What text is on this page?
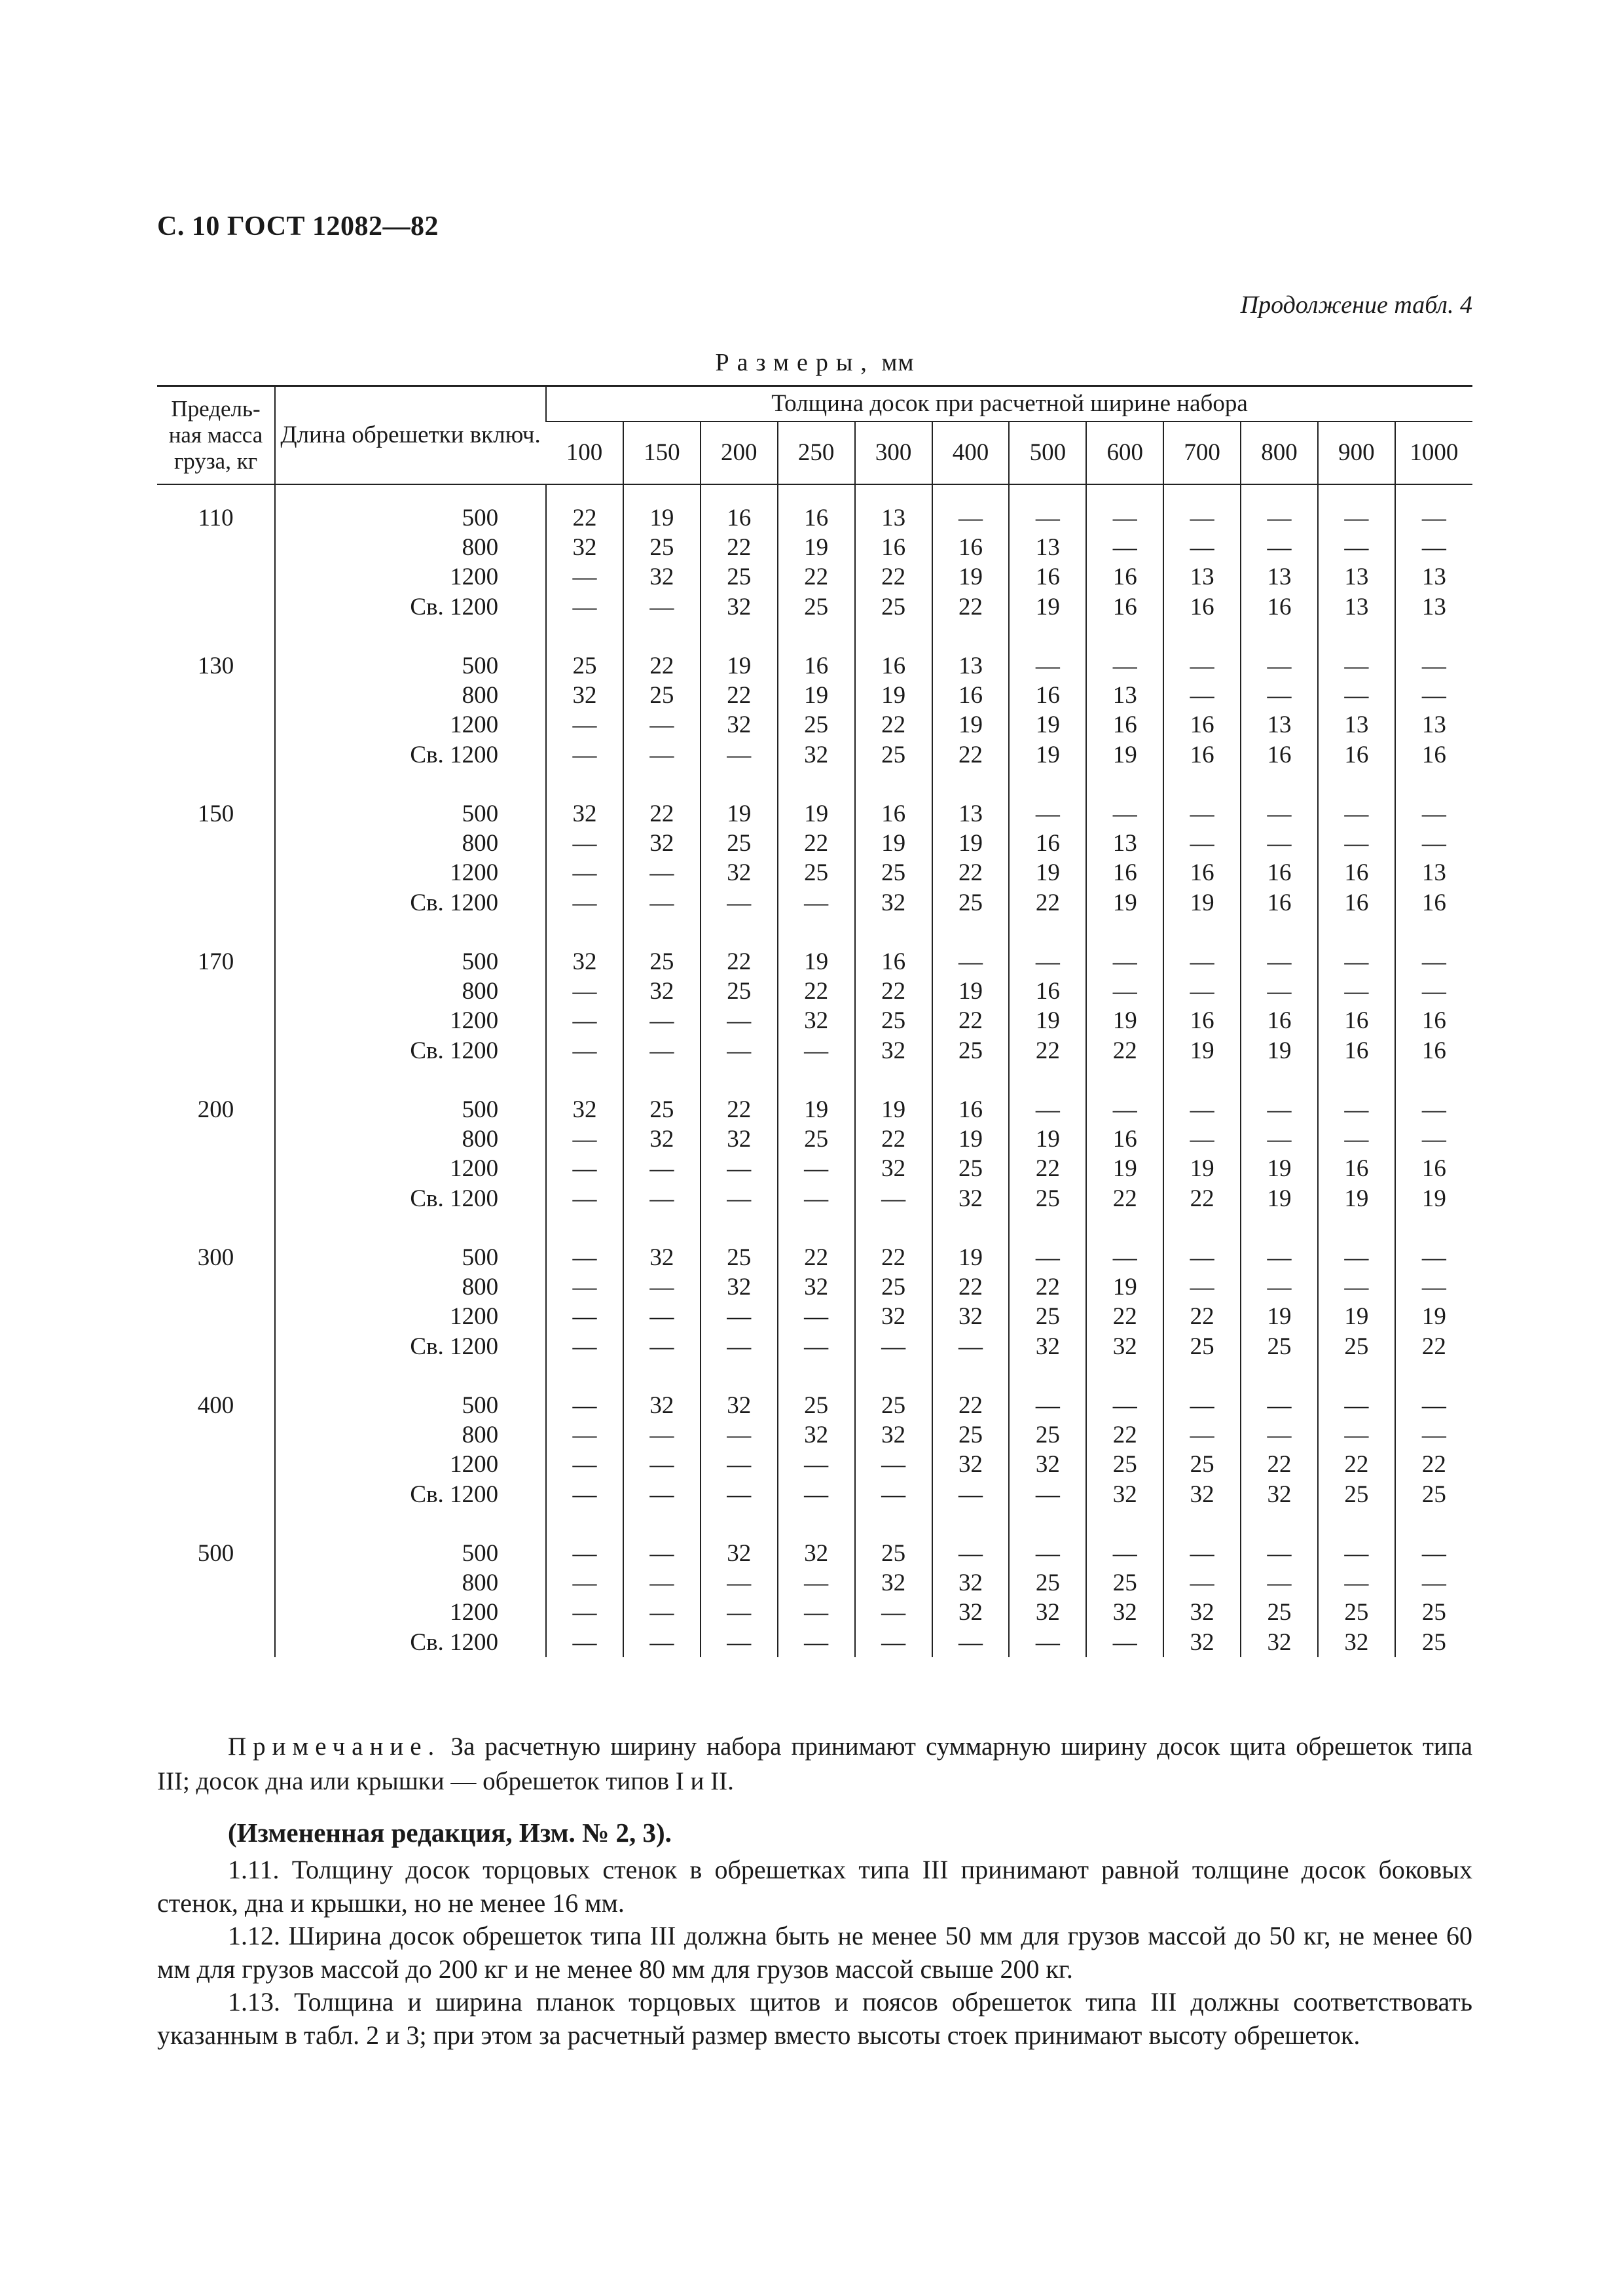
С. 10 ГОСТ 12082—82
Продолжение табл. 4
Размеры, мм
Предель-ная масса груза, кг	Длина обрешетки включ.	Толщина досок при расчетной ширине набора											
		100	150	200	250	300	400	500	600	700	800	900	1000

110	500	22	19	16	16	13	—	—	—	—	—	—	—
	800	32	25	22	19	16	16	13	—	—	—	—	—
	1200	—	32	25	22	22	19	16	16	13	13	13	13
	Св. 1200	—	—	32	25	25	22	19	16	16	16	13	13

130	500	25	22	19	16	16	13	—	—	—	—	—	—
	800	32	25	22	19	19	16	16	13	—	—	—	—
	1200	—	—	32	25	22	19	19	16	16	13	13	13
	Св. 1200	—	—	—	32	25	22	19	19	16	16	16	16

150	500	32	22	19	19	16	13	—	—	—	—	—	—
	800	—	32	25	22	19	19	16	13	—	—	—	—
	1200	—	—	32	25	25	22	19	16	16	16	16	13
	Св. 1200	—	—	—	—	32	25	22	19	19	16	16	16

170	500	32	25	22	19	16	—	—	—	—	—	—	—
	800	—	32	25	22	22	19	16	—	—	—	—	—
	1200	—	—	—	32	25	22	19	19	16	16	16	16
	Св. 1200	—	—	—	—	32	25	22	22	19	19	16	16

200	500	32	25	22	19	19	16	—	—	—	—	—	—
	800	—	32	32	25	22	19	19	16	—	—	—	—
	1200	—	—	—	—	32	25	22	19	19	19	16	16
	Св. 1200	—	—	—	—	—	32	25	22	22	19	19	19

300	500	—	32	25	22	22	19	—	—	—	—	—	—
	800	—	—	32	32	25	22	22	19	—	—	—	—
	1200	—	—	—	—	32	32	25	22	22	19	19	19
	Св. 1200	—	—	—	—	—	—	32	32	25	25	25	22

400	500	—	32	32	25	25	22	—	—	—	—	—	—
	800	—	—	—	32	32	25	25	22	—	—	—	—
	1200	—	—	—	—	—	32	32	25	25	22	22	22
	Св. 1200	—	—	—	—	—	—	—	32	32	32	25	25

500	500	—	—	32	32	25	—	—	—	—	—	—	—
	800	—	—	—	—	32	32	25	25	—	—	—	—
	1200	—	—	—	—	—	32	32	32	32	25	25	25
	Св. 1200	—	—	—	—	—	—	—	—	32	32	32	25
Примечание. За расчетную ширину набора принимают суммарную ширину досок щита обрешеток типа III; досок дна или крышки — обрешеток типов I и II.
(Измененная редакция, Изм. № 2, 3).

1.11. Толщину досок торцовых стенок в обрешетках типа III принимают равной толщине досок боковых стенок, дна и крышки, но не менее 16 мм.

1.12. Ширина досок обрешеток типа III должна быть не менее 50 мм для грузов массой до 50 кг, не менее 60 мм для грузов массой до 200 кг и не менее 80 мм для грузов массой свыше 200 кг.

1.13. Толщина и ширина планок торцовых щитов и поясов обрешеток типа III должны соответствовать указанным в табл. 2 и 3; при этом за расчетный размер вместо высоты стоек принимают высоту обрешеток.
